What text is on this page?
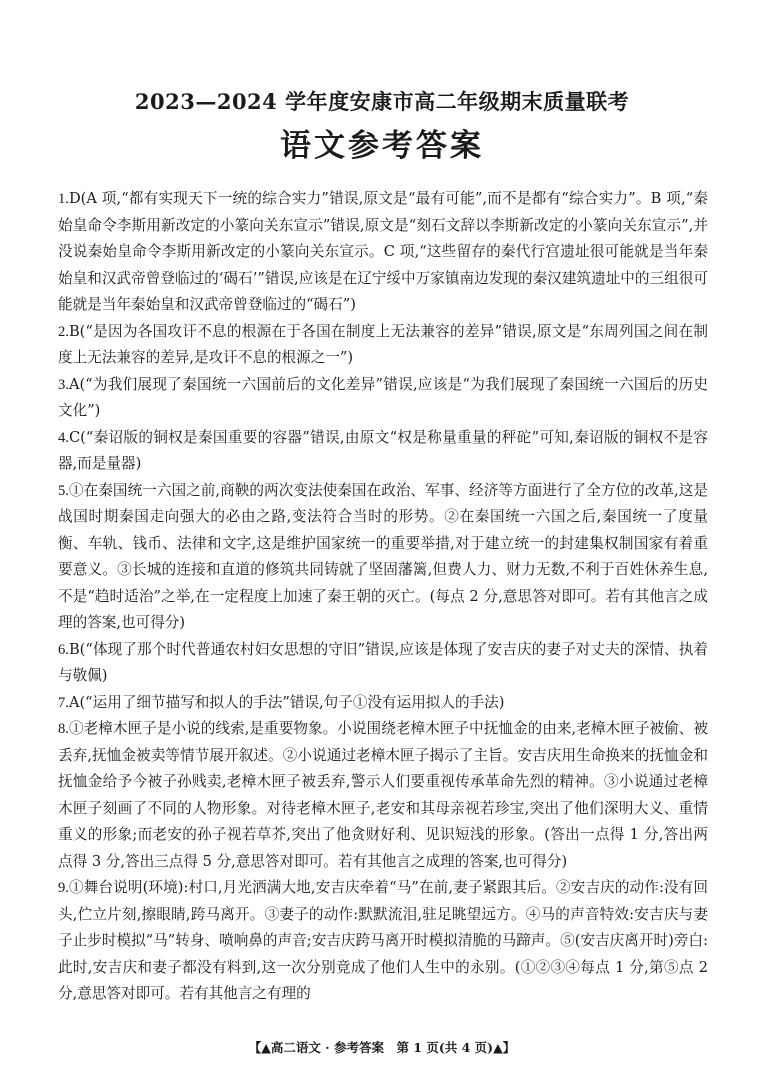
2023—2024 学年度安康市高二年级期末质量联考
语文参考答案
1.D(A 项,“都有实现天下一统的综合实力”错误,原文是“最有可能”,而不是都有“综合实力”。B 项,“秦始皇命令李斯用新改定的小篆向关东宣示”错误,原文是“刻石文辞以李斯新改定的小篆向关东宣示”,并没说秦始皇命令李斯用新改定的小篆向关东宣示。C 项,“这些留存的秦代行宫遗址很可能就是当年秦始皇和汉武帝曾登临过的‘碣石’”错误,应该是在辽宁绥中万家镇南边发现的秦汉建筑遗址中的三组很可能就是当年秦始皇和汉武帝曾登临过的“碣石”)
2.B(“是因为各国攻讦不息的根源在于各国在制度上无法兼容的差异”错误,原文是“东周列国之间在制度上无法兼容的差异,是攻讦不息的根源之一”)
3.A(“为我们展现了秦国统一六国前后的文化差异”错误,应该是“为我们展现了秦国统一六国后的历史文化”)
4.C(“秦诏版的铜权是秦国重要的容器”错误,由原文“权是称量重量的秤砣”可知,秦诏版的铜权不是容器,而是量器)
5.①在秦国统一六国之前,商鞅的两次变法使秦国在政治、军事、经济等方面进行了全方位的改革,这是战国时期秦国走向强大的必由之路,变法符合当时的形势。②在秦国统一六国之后,秦国统一了度量衡、车轨、钱币、法律和文字,这是维护国家统一的重要举措,对于建立统一的封建集权制国家有着重要意义。③长城的连接和直道的修筑共同铸就了坚固藩篱,但费人力、财力无数,不利于百姓休养生息,不是“趋时适治”之举,在一定程度上加速了秦王朝的灭亡。(每点 2 分,意思答对即可。若有其他言之成理的答案,也可得分)
6.B(“体现了那个时代普通农村妇女思想的守旧”错误,应该是体现了安吉庆的妻子对丈夫的深情、执着与敬佩)
7.A(“运用了细节描写和拟人的手法”错误,句子①没有运用拟人的手法)
8.①老樟木匣子是小说的线索,是重要物象。小说围绕老樟木匣子中抚恤金的由来,老樟木匣子被偷、被丢弃,抚恤金被卖等情节展开叙述。②小说通过老樟木匣子揭示了主旨。安吉庆用生命换来的抚恤金和抚恤金给予今被子孙贱卖,老樟木匣子被丢弃,警示人们要重视传承革命先烈的精神。③小说通过老樟木匣子刻画了不同的人物形象。对待老樟木匣子,老安和其母亲视若珍宝,突出了他们深明大义、重情重义的形象;而老安的孙子视若草芥,突出了他贪财好利、见识短浅的形象。(答出一点得 1 分,答出两点得 3 分,答出三点得 5 分,意思答对即可。若有其他言之成理的答案,也可得分)
9.①舞台说明(环境):村口,月光洒满大地,安吉庆牵着“马”在前,妻子紧跟其后。②安吉庆的动作:没有回头,伫立片刻,擦眼睛,跨马离开。③妻子的动作:默默流泪,驻足眺望远方。④马的声音特效:安吉庆与妻子止步时模拟“马”转身、喷响鼻的声音;安吉庆跨马离开时模拟清脆的马蹄声。⑤(安吉庆离开时)旁白:此时,安吉庆和妻子都没有料到,这一次分别竟成了他们人生中的永别。(①②③④每点 1 分,第⑤点 2 分,意思答对即可。若有其他言之有理的
【▲高二语文 · 参考答案　第 1 页(共 4 页)▲】
